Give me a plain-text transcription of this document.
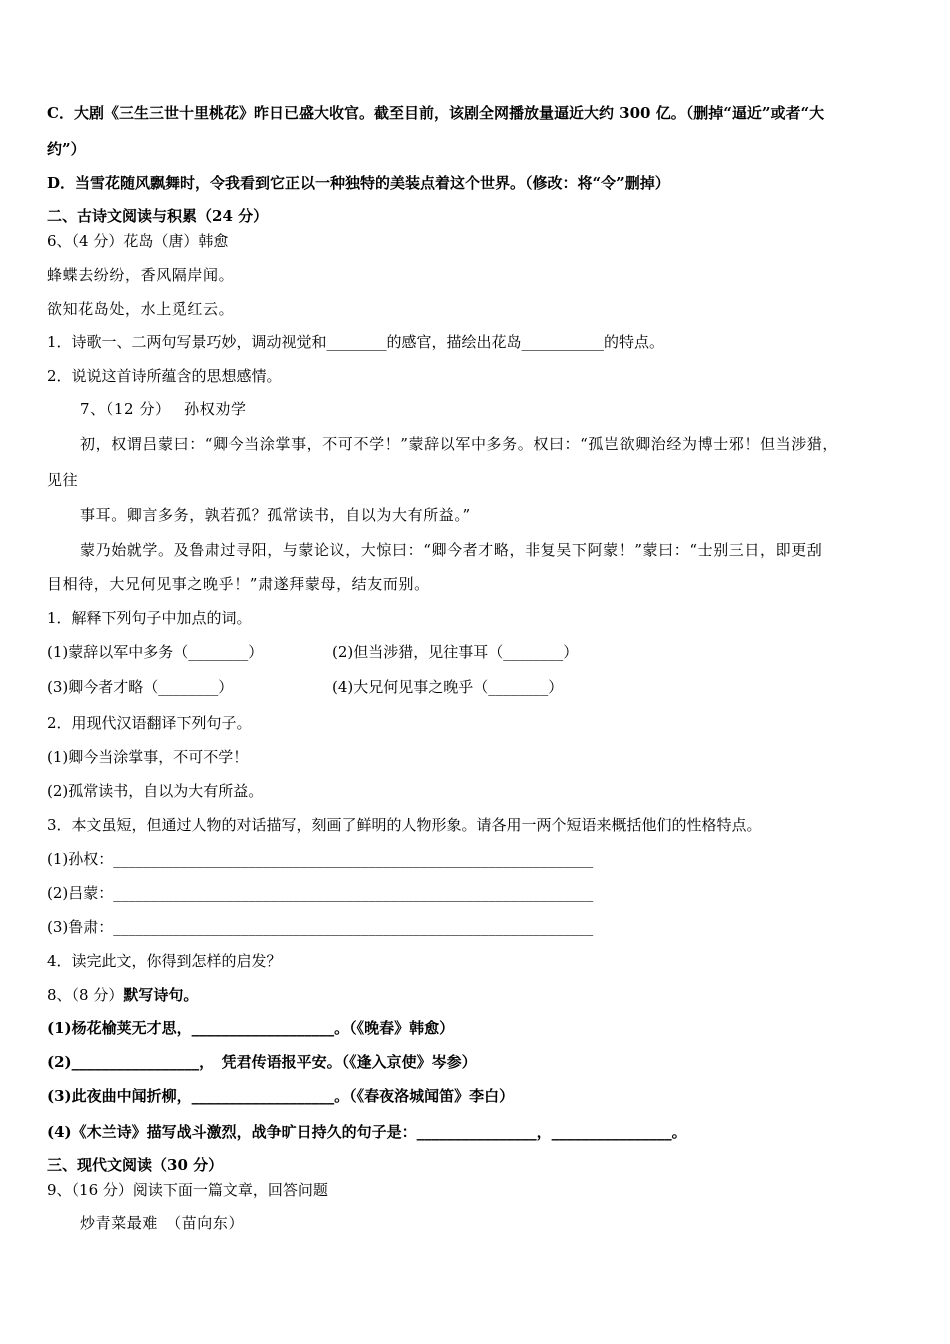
C．大剧《三生三世十里桃花》昨日已盛大收官。截至目前，该剧全网播放量逼近大约 300 亿。（删掉“逼近”或者“大
约”）
D．当雪花随风飘舞时，令我看到它正以一种独特的美装点着这个世界。（修改：将“令”删掉）
二、古诗文阅读与积累（24 分）
6、（4 分）花岛（唐）韩愈
蜂蝶去纷纷，香风隔岸闻。
欲知花岛处，水上觅红云。
1．诗歌一、二两句写景巧妙，调动视觉和________的感官，描绘出花岛___________的特点。
2．说说这首诗所蕴含的思想感情。
7、（12 分）　 孙权劝学
初，权谓吕蒙曰：“卿今当涂掌事，不可不学！”蒙辞以军中多务。权曰：“孤岂欲卿治经为博士邪！但当涉猎，
见往
事耳。卿言多务，孰若孤？孤常读书，自以为大有所益。”
蒙乃始就学。及鲁肃过寻阳，与蒙论议，大惊曰：“卿今者才略，非复吴下阿蒙！”蒙曰：“士别三日，即更刮
目相待，大兄何见事之晚乎！”肃遂拜蒙母，结友而别。
1．解释下列句子中加点的词。
(1)蒙辞以军中多务（________）	(2)但当涉猎，见往事耳（________）
(3)卿今者才略（________）	(4)大兄何见事之晚乎（________）
2．用现代汉语翻译下列句子。
(1)卿今当涂掌事，不可不学！
(2)孤常读书，自以为大有所益。
3．本文虽短，但通过人物的对话描写，刻画了鲜明的人物形象。请各用一两个短语来概括他们的性格特点。
(1)孙权：________________________________________________________________
(2)吕蒙：________________________________________________________________
(3)鲁肃：________________________________________________________________
4．读完此文，你得到怎样的启发？
8、（8 分）默写诗句。
(1)杨花榆荚无才思，___________________。（《晚春》韩愈）
(2)_________________，　凭君传语报平安。（《逢入京使》岑参）
(3)此夜曲中闻折柳，___________________。（《春夜洛城闻笛》李白）
(4)《木兰诗》描写战斗激烈，战争旷日持久的句子是：________________，________________。
三、现代文阅读（30 分）
9、（16 分）阅读下面一篇文章，回答问题
炒青菜最难　（苗向东）
